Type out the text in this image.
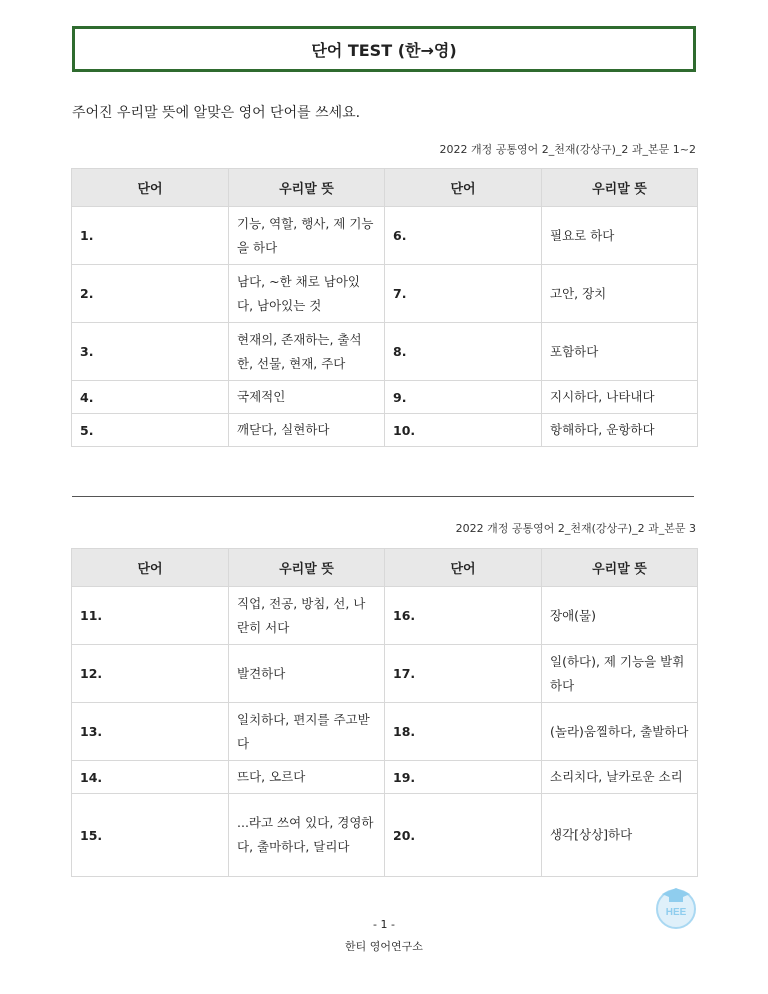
단어 TEST (한→영)
주어진 우리말 뜻에 알맞은 영어 단어를 쓰세요.
2022 개정 공통영어 2_천재(강상구)_2 과_본문 1~2
단어	우리말 뜻	단어	우리말 뜻
1.	기능, 역할, 행사, 제 기능을 하다	6.	필요로 하다
2.	남다, ~한 채로 남아있다, 남아있는 것	7.	고안, 장치
3.	현재의, 존재하는, 출석한, 선물, 현재, 주다	8.	포함하다
4.	국제적인	9.	지시하다, 나타내다
5.	깨닫다, 실현하다	10.	항해하다, 운항하다
2022 개정 공통영어 2_천재(강상구)_2 과_본문 3
단어	우리말 뜻	단어	우리말 뜻
11.	직업, 전공, 방침, 선, 나란히 서다	16.	장애(물)
12.	발견하다	17.	일(하다), 제 기능을 발휘하다
13.	일치하다, 편지를 주고받다	18.	(놀라)움찔하다, 출발하다
14.	뜨다, 오르다	19.	소리치다, 날카로운 소리
15.	...라고 쓰여 있다, 경영하다, 출마하다, 달리다	20.	생각[상상]하다
HEE
- 1 -
한티 영어연구소
